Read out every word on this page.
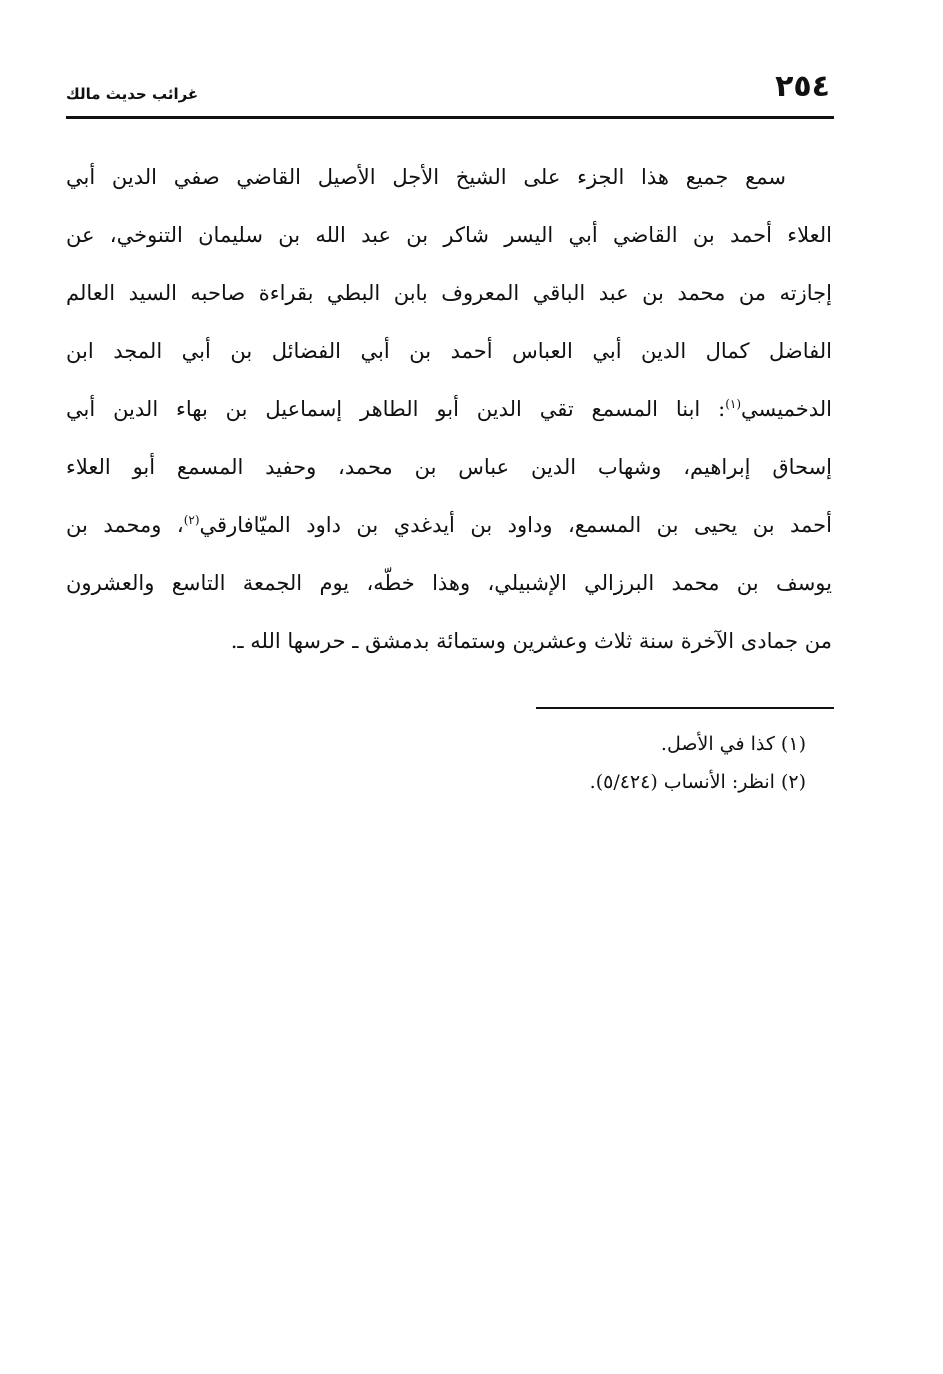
٢٥٤
غرائب حديث مالك
سمع جميع هذا الجزء على الشيخ الأجل الأصيل القاضي صفي الدين أبي
العلاء أحمد بن القاضي أبي اليسر شاكر بن عبد الله بن سليمان التنوخي، عن
إجازته من محمد بن عبد الباقي المعروف بابن البطي بقراءة صاحبه السيد العالم
الفاضل كمال الدين أبي العباس أحمد بن أبي الفضائل بن أبي المجد ابن
الدخميسي$^{(١)}$: ابنا المسمع تقي الدين أبو الطاهر إسماعيل بن بهاء الدين أبي
إسحاق إبراهيم، وشهاب الدين عباس بن محمد، وحفيد المسمع أبو العلاء
أحمد بن يحيى بن المسمع، وداود بن أيدغدي بن داود الميّافارقي$^{(٢)}$، ومحمد بن
يوسف بن محمد البرزالي الإشبيلي، وهذا خطّه، يوم الجمعة التاسع والعشرون
من جمادى الآخرة سنة ثلاث وعشرين وستمائة بدمشق ـ حرسها الله ـ.
(١) كذا في الأصل.
(٢) انظر: الأنساب (٥/٤٢٤).
